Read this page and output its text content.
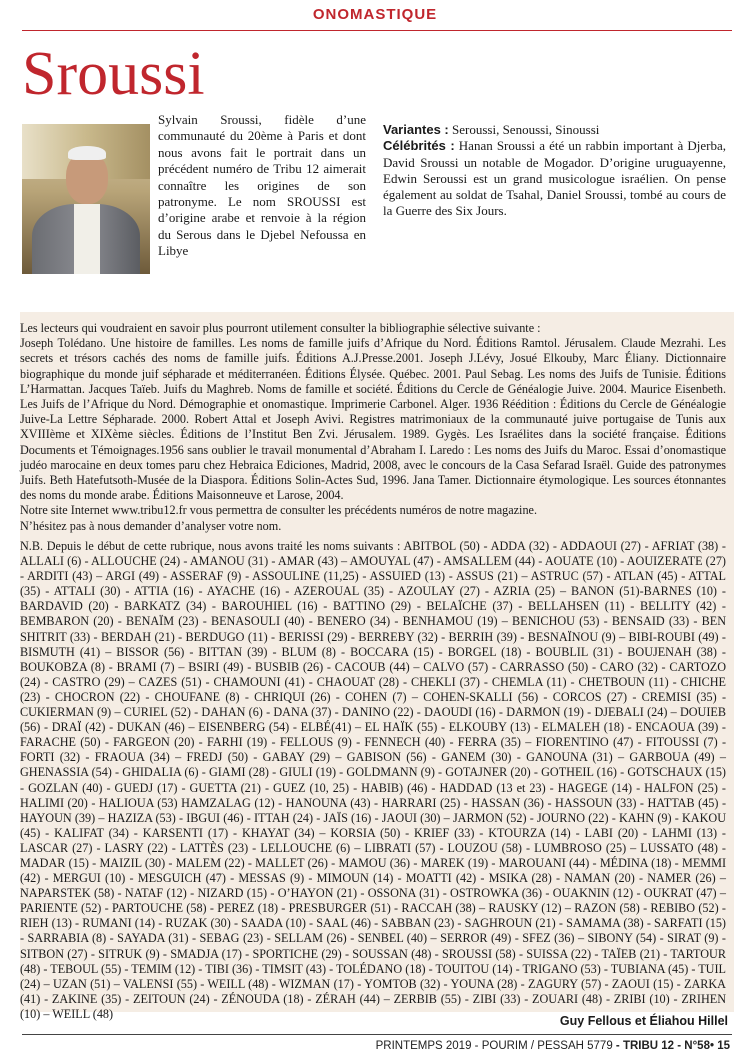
ONOMASTIQUE
Sroussi
Sylvain Sroussi, fidèle d’une communauté du 20ème à Paris et dont nous avons fait le portrait dans un précédent numéro de Tribu 12 aimerait connaître les origines de son patronyme. Le nom SROUSSI est d’origine arabe et renvoie à la région du Serous dans le Djebel Nefoussa en Libye
Variantes : Seroussi, Senoussi, Sinoussi
Célébrités : Hanan Sroussi a été un rabbin important à Djerba, David Sroussi un notable de Mogador. D’origine uruguayenne, Edwin Seroussi est un grand musicologue israélien. On pense également au soldat de Tsahal, Daniel Sroussi, tombé au cours de la Guerre des Six Jours.

Les lecteurs qui voudraient en savoir plus pourront utilement consulter la bibliographie sélective suivante :

Joseph Tolédano. Une histoire de familles. Les noms de famille juifs d’Afrique du Nord. Éditions Ramtol. Jérusalem. Claude Mezrahi. Les secrets et trésors cachés des noms de famille juifs. Éditions A.J.Presse.2001. Joseph J.Lévy, Josué Elkouby, Marc Éliany. Dictionnaire biographique du monde juif sépharade et méditerranéen. Éditions Élysée. Québec. 2001. Paul Sebag. Les noms des Juifs de Tunisie. Éditions L’Harmattan. Jacques Taïeb. Juifs du Maghreb. Noms de famille et société. Éditions du Cercle de Généalogie Juive. 2004. Maurice Eisenbeth. Les Juifs de l’Afrique du Nord. Démographie et onomastique. Imprimerie Carbonel. Alger. 1936 Réédition : Éditions du Cercle de Généalogie Juive-La Lettre Sépharade. 2000. Robert Attal et Joseph Avivi. Registres matrimoniaux de la communauté juive portugaise de Tunis aux XVIIIème et XIXème siècles. Éditions de l’Institut Ben Zvi. Jérusalem. 1989. Gygès. Les Israélites dans la société française. Éditions Documents et Témoignages.1956 sans oublier le travail monumental d’Abraham I. Laredo : Les noms des Juifs du Maroc. Essai d’onomastique judéo marocaine en deux tomes paru chez Hebraica Ediciones, Madrid, 2008, avec le concours de la Casa Sefarad Israël. Guide des patronymes Juifs. Beth Hatefutsoth-Musée de la Diaspora. Éditions Solin-Actes Sud, 1996. Jana Tamer. Dictionnaire étymologique. Les sources étonnantes des noms du monde arabe. Éditions Maisonneuve et Larose, 2004.

Notre site Internet www.tribu12.fr vous permettra de consulter les précédents numéros de notre magazine.

N’hésitez pas à nous demander d’analyser votre nom.

N.B. Depuis le début de cette rubrique, nous avons traité les noms suivants : ABITBOL (50) - ADDA (32) - ADDAOUI (27) - AFRIAT (38) - ALLALI (6) - ALLOUCHE (24) - AMANOU (31) - AMAR (43) – AMOUYAL (47) - AMSALLEM (44) - AOUATE (10) - AOUIZERATE (27) - ARDITI (43) – ARGI (49) - ASSERAF (9) - ASSOULINE (11,25) - ASSUIED (13) - ASSUS (21) – ASTRUC (57) - ATLAN (45) - ATTAL (35) - ATTALI (30) - ATTIA (16) - AYACHE (16) - AZEROUAL (35) - AZOULAY (27) - AZRIA (25) – BANON (51)-BARNES (10) - BARDAVID (20) - BARKATZ (34) - BAROUHIEL (16) - BATTINO (29) - BELAÏCHE (37) - BELLAHSEN (11) - BELLITY (42) - BEMBARON (20) - BENAÏM (23) - BENASOULI (40) - BENERO (34) - BENHAMOU (19) – BENICHOU (53) - BENSAID (33) - BEN SHITRIT (33) - BERDAH (21) - BERDUGO (11) - BERISSI (29) - BERREBY (32) - BERRIH (39) - BESNAÏNOU (9) – BIBI-ROUBI (49) - BISMUTH (41) – BISSOR (56) - BITTAN (39) - BLUM (8) - BOCCARA (15) - BORGEL (18) - BOUBLIL (31) - BOUJENAH (38) - BOUKOBZA (8) - BRAMI (7) – BSIRI (49) - BUSBIB (26) - CACOUB (44) – CALVO (57) - CARRASSO (50) - CARO (32) - CARTOZO (24) - CASTRO (29) – CAZES (51) - CHAMOUNI (41) - CHAOUAT (28) - CHEKLI (37) - CHEMLA (11) - CHETBOUN (11) - CHICHE (23) - CHOCRON (22) - CHOUFANE (8) - CHRIQUI (26) - COHEN (7) – COHEN-SKALLI (56) - CORCOS (27) - CREMISI (35) - CUKIERMAN (9) – CURIEL (52) - DAHAN (6) - DANA (37) - DANINO (22) - DAOUDI (16) - DARMON (19) - DJEBALI (24) – DOUIEB (56) - DRAÏ (42) - DUKAN (46) – EISENBERG (54) - ELBÉ(41) – EL HAÏK (55) - ELKOUBY (13) - ELMALEH (18) - ENCAOUA (39) - FARACHE (50) - FARGEON (20) - FARHI (19) - FELLOUS (9) - FENNECH (40) - FERRA (35) – FIORENTINO (47) - FITOUSSI (7) - FORTI (32) - FRAOUA (34) – FREDJ (50) - GABAY (29) – GABISON (56) - GANEM (30) - GANOUNA (31) – GARBOUA (49) – GHENASSIA (54) - GHIDALIA (6) - GIAMI (28) - GIULI (19) - GOLDMANN (9) - GOTAJNER (20) - GOTHEIL (16) - GOTSCHAUX (15) - GOZLAN (40) - GUEDJ (17) - GUETTA (21) - GUEZ (10, 25) - HABIB) (46) - HADDAD (13 et 23) - HAGEGE (14) - HALFON (25) - HALIMI (20) - HALIOUA (53) HAMZALAG (12) - HANOUNA (43) - HARRARI (25) - HASSAN (36) - HASSOUN (33) - HATTAB (45) - HAYOUN (39) – HAZIZA (53) - IBGUI (46) - ITTAH (24) - JAÏS (16) - JAOUI (30) – JARMON (52) - JOURNO (22) - KAHN (9) - KAKOU (45) - KALIFAT (34) - KARSENTI (17) - KHAYAT (34) – KORSIA (50) - KRIEF (33) - KTOURZA (14) - LABI (20) - LAHMI (13) - LASCAR (27) - LASRY (22) - LATTÈS (23) - LELLOUCHE (6) – LIBRATI (57) - LOUZOU (58) - LUMBROSO (25) – LUSSATO (48) - MADAR (15) - MAIZIL (30) - MALEM (22) - MALLET (26) - MAMOU (36) - MAREK (19) - MAROUANI (44) - MÉDINA (18) - MEMMI (42) - MERGUI (10) - MESGUICH (47) - MESSAS (9) - MIMOUN (14) - MOATTI (42) - MSIKA (28) - NAMAN (20) - NAMER (26) – NAPARSTEK (58) - NATAF (12) - NIZARD (15) - O’HAYON (21) - OSSONA (31) - OSTROWKA (36) - OUAKNIN (12) - OUKRAT (47) – PARIENTE (52) - PARTOUCHE (58) - PEREZ (18) - PRESBURGER (51) - RACCAH (38) – RAUSKY (12) – RAZON (58) - REBIBO (52) - RIEH (13) - RUMANI (14) - RUZAK (30) - SAADA (10) - SAAL (46) - SABBAN (23) - SAGHROUN (21) - SAMAMA (38) - SARFATI (15) - SARRABIA (8) - SAYADA (31) - SEBAG (23) - SELLAM (26) - SENBEL (40) – SERROR (49) - SFEZ (36) – SIBONY (54) - SIRAT (9) - SITBON (27) - SITRUK (9) - SMADJA (17) - SPORTICHE (29) - SOUSSAN (48) - SROUSSI (58) - SUISSA (22) - TAÏEB (21) - TARTOUR (48) - TEBOUL (55) - TEMIM (12) - TIBI (36) - TIMSIT (43) - TOLÉDANO (18) - TOUITOU (14) - TRIGANO (53) - TUBIANA (45) - TUIL (24) – UZAN (51) – VALENSI (55) - WEILL (48) - WIZMAN (17) - YOMTOB (32) - YOUNA (28) - ZAGURY (57) - ZAOUI (15) - ZARKA (41) - ZAKINE (35) - ZEITOUN (24) - ZÉNOUDA (18) - ZÉRAH (44) – ZERBIB (55) - ZIBI (33) - ZOUARI (48) - ZRIBI (10) - ZRIHEN (10) – WEILL (48)

Guy Fellous et Éliahou Hillel
PRINTEMPS 2019 - POURIM / PESSAH 5779 - TRIBU 12 - N°58• 15
